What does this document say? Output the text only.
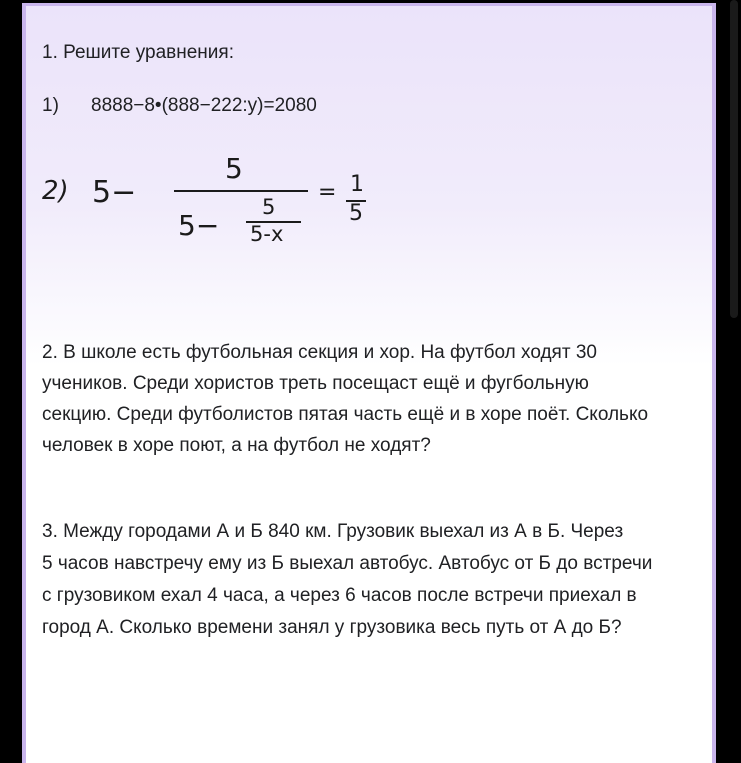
1. Решите уравнения:
1) 8888−8•(888−222:y)=2080
2) 5−
5
5−
5
5-x
= 1
5
2. В школе есть футбольная секция и хор. На футбол ходят 30
учеников. Среди хористов треть посещаст ещё и фугбольную
секцию. Среди футболистов пятая часть ещё и в хоре поёт. Сколько
человек в хоре поют, а на футбол не ходят?
3. Между городами А и Б 840 км. Грузовик выехал из А в Б. Через
5 часов навстречу ему из Б выехал автобус. Автобус от Б до встречи
с грузовиком ехал 4 часа, а через 6 часов после встречи приехал в
город А. Сколько времени занял у грузовика весь путь от А до Б?
